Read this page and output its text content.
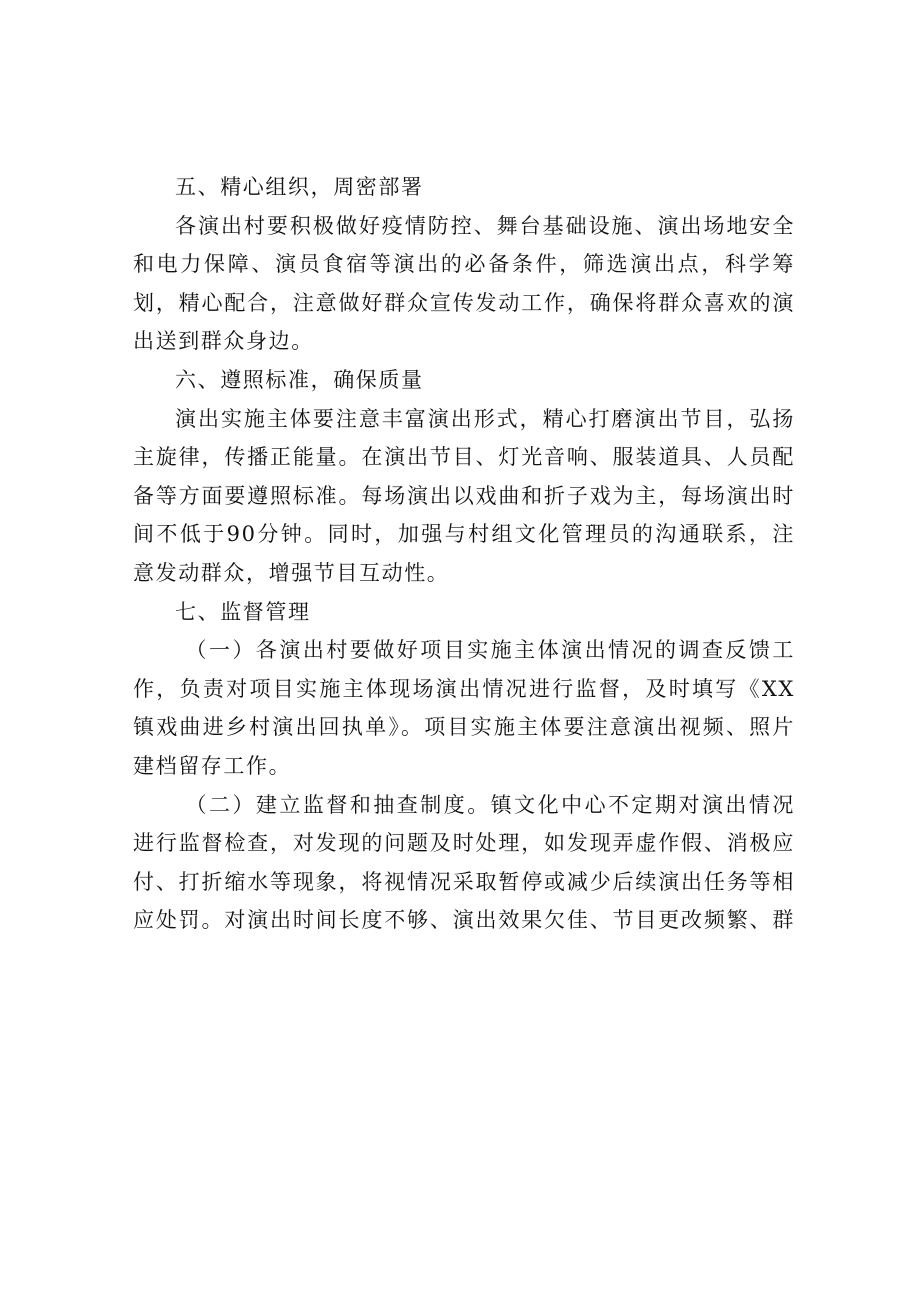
五、精心组织，周密部署

各演出村要积极做好疫情防控、舞台基础设施、演出场地安全和电力保障、演员食宿等演出的必备条件，筛选演出点，科学筹划，精心配合，注意做好群众宣传发动工作，确保将群众喜欢的演出送到群众身边。

六、遵照标准，确保质量

演出实施主体要注意丰富演出形式，精心打磨演出节目，弘扬主旋律，传播正能量。在演出节目、灯光音响、服装道具、人员配备等方面要遵照标准。每场演出以戏曲和折子戏为主，每场演出时间不低于90分钟。同时，加强与村组文化管理员的沟通联系，注意发动群众，增强节目互动性。

七、监督管理

（一）各演出村要做好项目实施主体演出情况的调查反馈工作，负责对项目实施主体现场演出情况进行监督，及时填写《XX镇戏曲进乡村演出回执单》。项目实施主体要注意演出视频、照片建档留存工作。

（二）建立监督和抽查制度。镇文化中心不定期对演出情况进行监督检查，对发现的问题及时处理，如发现弄虚作假、消极应付、打折缩水等现象，将视情况采取暂停或减少后续演出任务等相应处罚。对演出时间长度不够、演出效果欠佳、节目更改频繁、群
